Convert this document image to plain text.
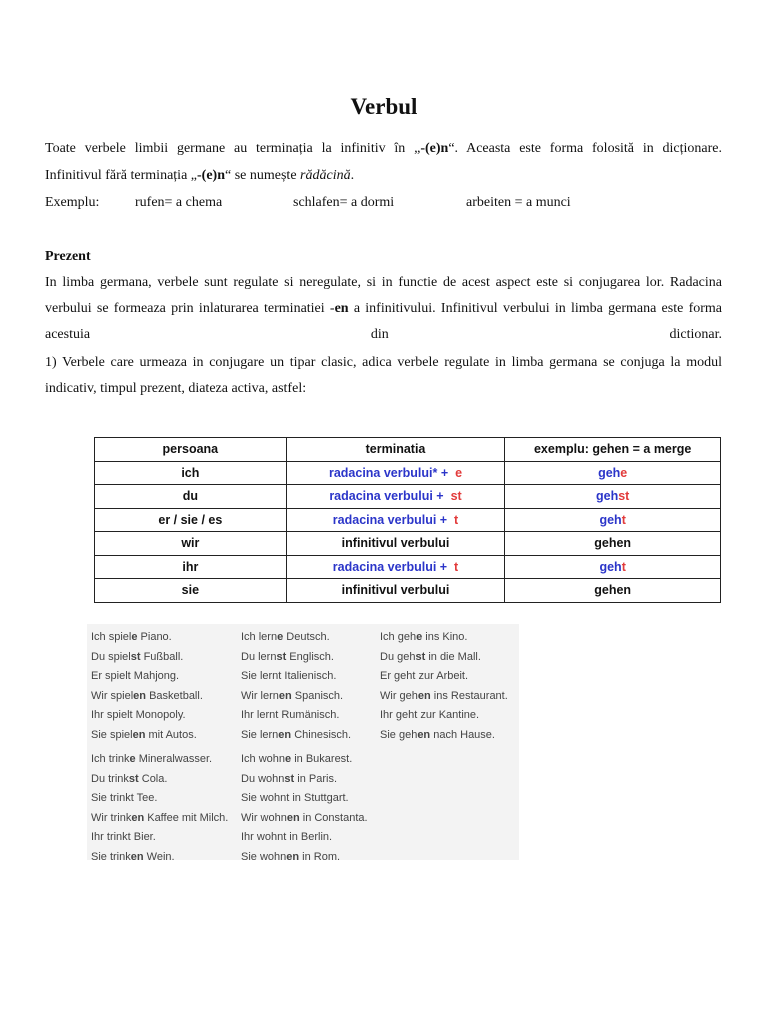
Verbul
Toate verbele limbii germane au terminația la infinitiv în „-(e)n“. Aceasta este forma folosită in dicționare.
Infinitivul fără terminația „-(e)n“ se numește rădăcină.
Exemplu:	rufen= a chema	schlafen= a dormi	arbeiten = a munci
Prezent
In limba germana, verbele sunt regulate si neregulate, si in functie de acest aspect este si conjugarea lor. Radacina verbului se formeaza prin inlaturarea terminatiei -en a infinitivului. Infinitivul verbului in limba germana este forma acestuia din dictionar.
1) Verbele care urmeaza in conjugare un tipar clasic, adica verbele regulate in limba germana se conjuga la modul indicativ, timpul prezent, diateza activa, astfel:
persoana	terminatia	exemplu: gehen = a merge
ich	radacina verbului* + e	gehe
du	radacina verbului + st	gehst
er / sie / es	radacina verbului + t	geht
wir	infinitivul verbului	gehen
ihr	radacina verbului + t	geht
sie	infinitivul verbului	gehen
Ich spiele Piano.
Du spielst Fußball.
Er spielt Mahjong.
Wir spielen Basketball.
Ihr spielt Monopoly.
Sie spielen mit Autos.
Ich trinke Mineralwasser.
Du trinkst Cola.
Sie trinkt Tee.
Wir trinken Kaffee mit Milch.
Ihr trinkt Bier.
Sie trinken Wein.
Ich lerne Deutsch.
Du lernst Englisch.
Sie lernt Italienisch.
Wir lernen Spanisch.
Ihr lernt Rumänisch.
Sie lernen Chinesisch.
Ich wohne in Bukarest.
Du wohnst in Paris.
Sie wohnt in Stuttgart.
Wir wohnen in Constanta.
Ihr wohnt in Berlin.
Sie wohnen in Rom.
Ich gehe ins Kino.
Du gehst in die Mall.
Er geht zur Arbeit.
Wir gehen ins Restaurant.
Ihr geht zur Kantine.
Sie gehen nach Hause.
